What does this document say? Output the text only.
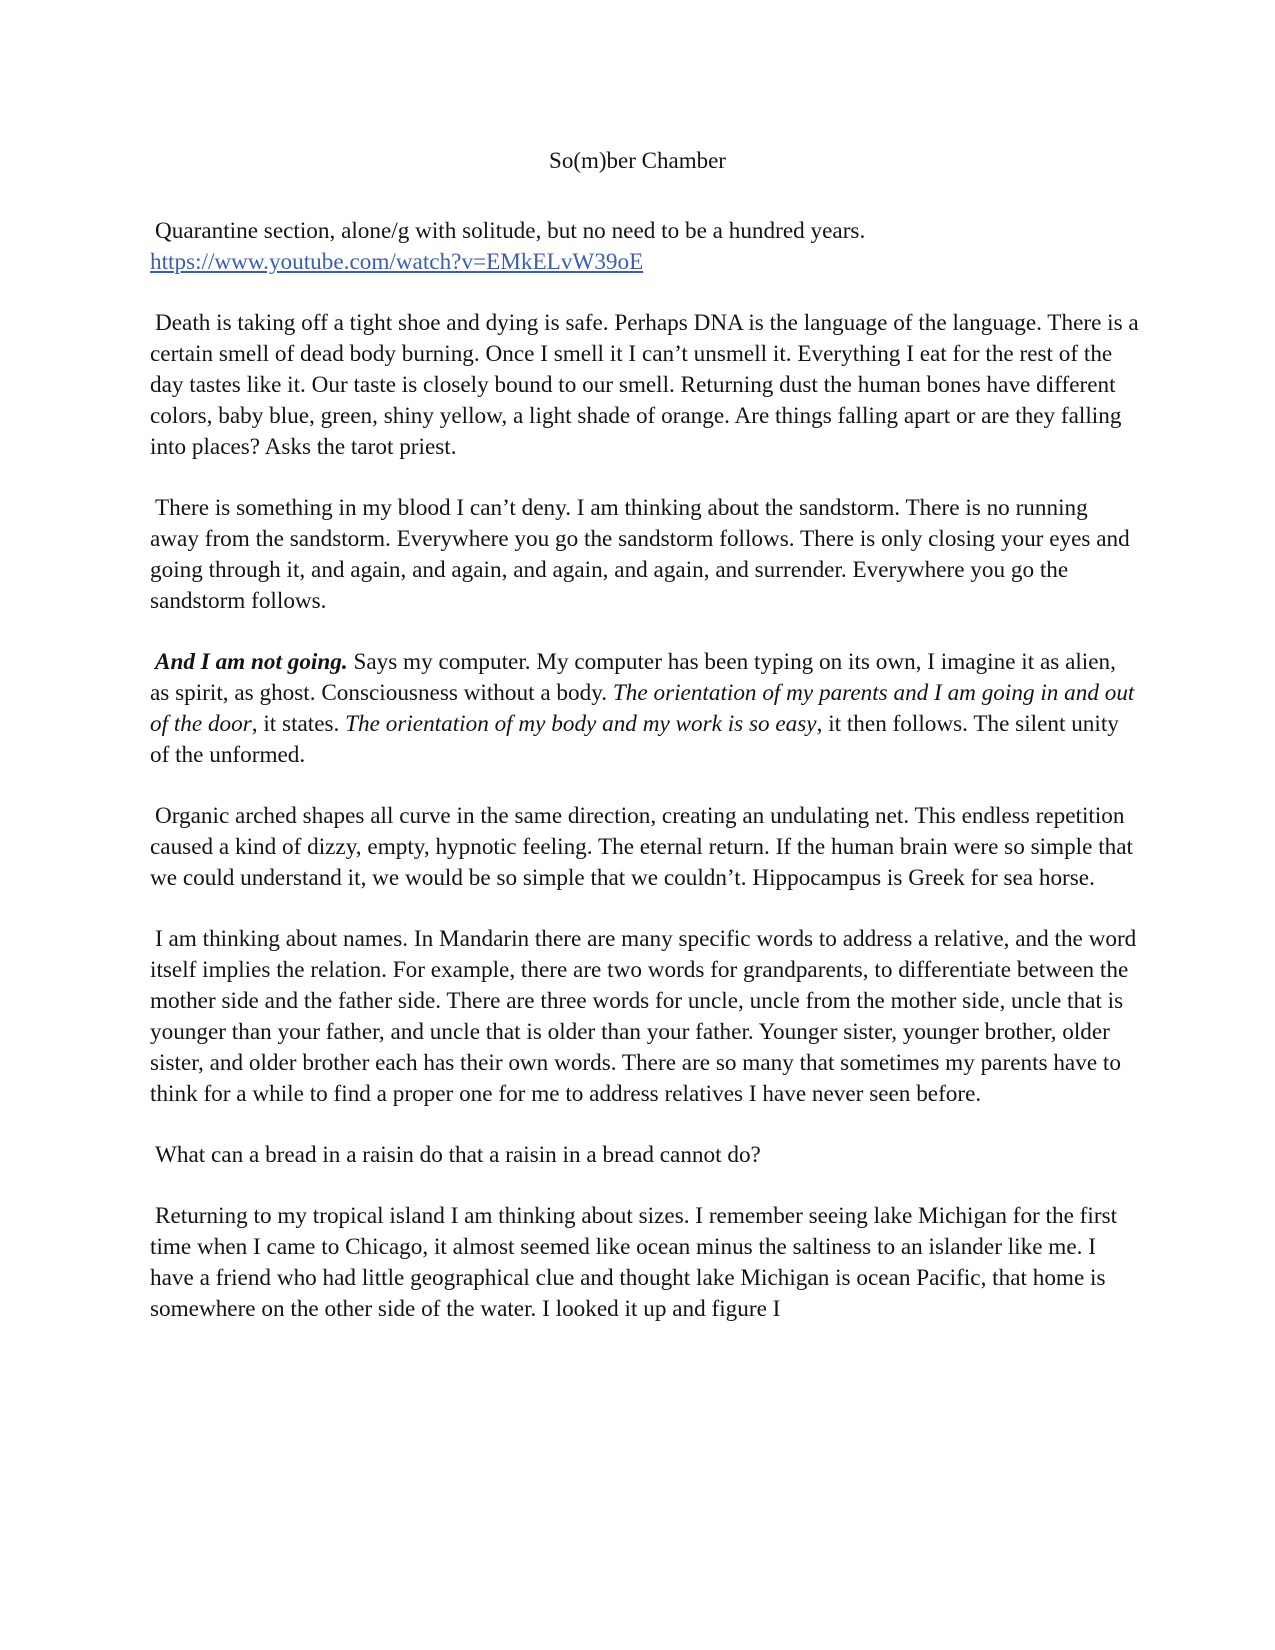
So(m)ber Chamber

Quarantine section, alone/g with solitude, but no need to be a hundred years.
https://www.youtube.com/watch?v=EMkELvW39oE

Death is taking off a tight shoe and dying is safe. Perhaps DNA is the language of the language. There is a certain smell of dead body burning. Once I smell it I can’t unsmell it. Everything I eat for the rest of the day tastes like it. Our taste is closely bound to our smell. Returning dust the human bones have different colors, baby blue, green, shiny yellow, a light shade of orange. Are things falling apart or are they falling into places? Asks the tarot priest.

There is something in my blood I can’t deny. I am thinking about the sandstorm. There is no running away from the sandstorm. Everywhere you go the sandstorm follows. There is only closing your eyes and going through it, and again, and again, and again, and again, and surrender. Everywhere you go the sandstorm follows.

And I am not going. Says my computer. My computer has been typing on its own, I imagine it as alien, as spirit, as ghost. Consciousness without a body. The orientation of my parents and I am going in and out of the door, it states. The orientation of my body and my work is so easy, it then follows. The silent unity of the unformed.

Organic arched shapes all curve in the same direction, creating an undulating net. This endless repetition caused a kind of dizzy, empty, hypnotic feeling. The eternal return. If the human brain were so simple that we could understand it, we would be so simple that we couldn’t. Hippocampus is Greek for sea horse.

I am thinking about names. In Mandarin there are many specific words to address a relative, and the word itself implies the relation. For example, there are two words for grandparents, to differentiate between the mother side and the father side. There are three words for uncle, uncle from the mother side, uncle that is younger than your father, and uncle that is older than your father. Younger sister, younger brother, older sister, and older brother each has their own words. There are so many that sometimes my parents have to think for a while to find a proper one for me to address relatives I have never seen before.

What can a bread in a raisin do that a raisin in a bread cannot do?

Returning to my tropical island I am thinking about sizes. I remember seeing lake Michigan for the first time when I came to Chicago, it almost seemed like ocean minus the saltiness to an islander like me. I have a friend who had little geographical clue and thought lake Michigan is ocean Pacific, that home is somewhere on the other side of the water. I looked it up and figure I
